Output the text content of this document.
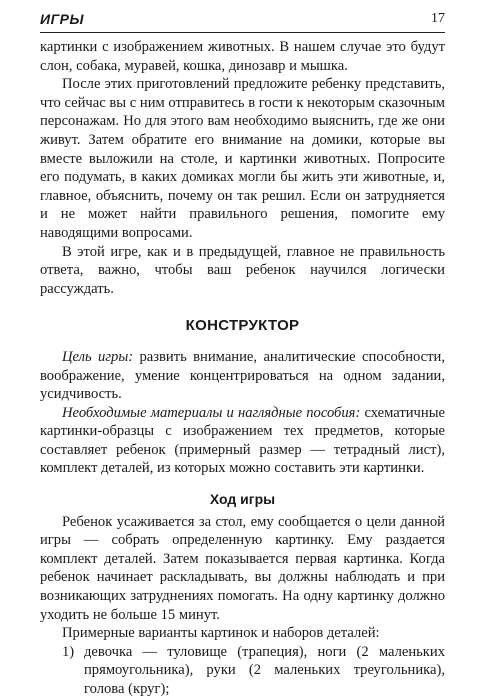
ИГРЫ	17

картинки с изображением животных. В нашем случае это будут слон, собака, муравей, кошка, динозавр и мышка.

После этих приготовлений предложите ребенку представить, что сейчас вы с ним отправитесь в гости к некоторым сказочным персонажам. Но для этого вам необходимо выяснить, где же они живут. Затем обратите его внимание на домики, которые вы вместе выложили на столе, и картинки животных. Попросите его подумать, в каких домиках могли бы жить эти животные, и, главное, объяснить, почему он так решил. Если он затрудняется и не может найти правильного решения, помогите ему наводящими вопросами.

В этой игре, как и в предыдущей, главное не правильность ответа, важно, чтобы ваш ребенок научился логически рассуждать.

КОНСТРУКТОР

Цель игры: развить внимание, аналитические способности, воображение, умение концентрироваться на одном задании, усидчивость.

Необходимые материалы и наглядные пособия: схематичные картинки-образцы с изображением тех предметов, которые составляет ребенок (примерный размер — тетрадный лист), комплект деталей, из которых можно составить эти картинки.

Ход игры

Ребенок усаживается за стол, ему сообщается о цели данной игры — собрать определенную картинку. Ему раздается комплект деталей. Затем показывается первая картинка. Когда ребенок начинает раскладывать, вы должны наблюдать и при возникающих затруднениях помогать. На одну картинку должно уходить не больше 15 минут.

Примерные варианты картинок и наборов деталей:

1) девочка — туловище (трапеция), ноги (2 маленьких прямоугольника), руки (2 маленьких треугольника), голова (круг);
